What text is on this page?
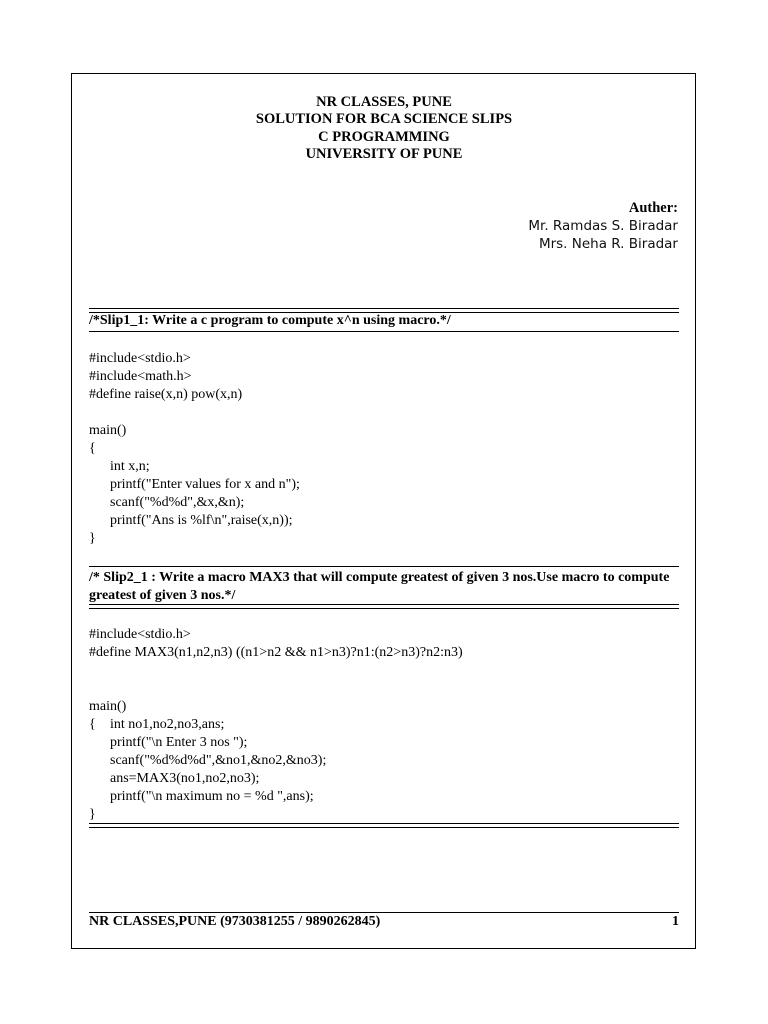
NR CLASSES, PUNE
SOLUTION FOR BCA SCIENCE SLIPS
C PROGRAMMING
UNIVERSITY OF PUNE
Auther:
Mr. Ramdas S. Biradar
Mrs. Neha R. Biradar
/*Slip1_1: Write a c program to compute x^n using macro.*/
#include<stdio.h>
#include<math.h>
#define raise(x,n) pow(x,n)
main()
{
	int x,n;
	printf("Enter values for x and n");
	scanf("%d%d",&x,&n);
	printf("Ans is %lf\n",raise(x,n));
}
/* Slip2_1 : Write a macro MAX3 that will compute greatest of given 3 nos.Use macro to compute greatest of given 3 nos.*/
#include<stdio.h>
#define MAX3(n1,n2,n3) ((n1>n2 && n1>n3)?n1:(n2>n3)?n2:n3)
main()
{	int no1,no2,no3,ans;
	printf("\n Enter 3 nos ");
	scanf("%d%d%d",&no1,&no2,&no3);
	ans=MAX3(no1,no2,no3);
	printf("\n maximum no = %d ",ans);
}
NR CLASSES,PUNE (9730381255 / 9890262845)	1
